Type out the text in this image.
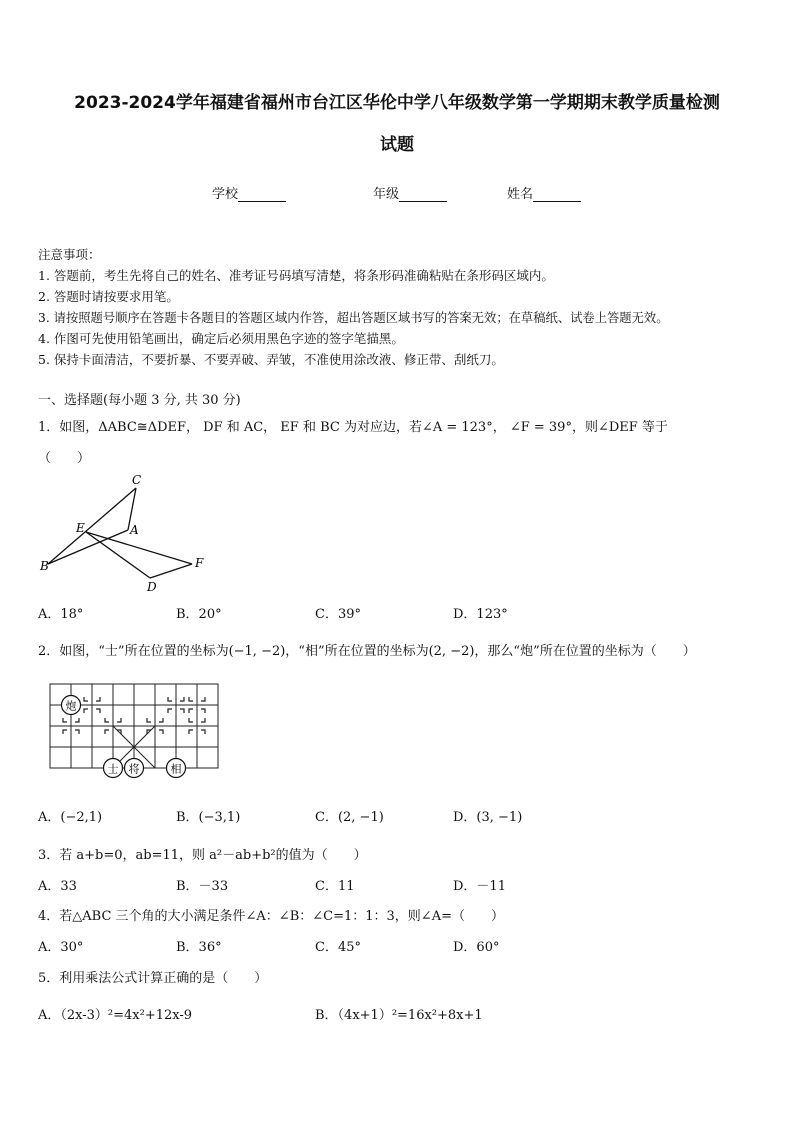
2023-2024学年福建省福州市台江区华伦中学八年级数学第一学期期末教学质量检测
试题
学校	年级	姓名
注意事项：
1. 答题前，考生先将自己的姓名、准考证号码填写清楚，将条形码准确粘贴在条形码区域内。
2. 答题时请按要求用笔。
3. 请按照题号顺序在答题卡各题目的答题区域内作答，超出答题区域书写的答案无效；在草稿纸、试卷上答题无效。
4. 作图可先使用铅笔画出，确定后必须用黑色字迹的签字笔描黑。
5. 保持卡面清洁，不要折暴、不要弄破、弄皱，不准使用涂改液、修正带、刮纸刀。
一、选择题(每小题 3 分, 共 30 分)
1．如图，ΔABC≅ΔDEF， DF 和 AC， EF 和 BC 为对应边，若∠A = 123°， ∠F = 39°，则∠DEF 等于
（　　）
C
E	A
B	F
D
A．18°	B．20°	C．39°	D．123°
2．如图，“士”所在位置的坐标为(−1, −2)，“相”所在位置的坐标为(2, −2)，那么“炮”所在位置的坐标为（　　）
炮
士 将	相
A．(−2,1)	B．(−3,1)	C．(2, −1)	D．(3, −1)
3．若 a+b=0，ab=11，则 a²－ab+b²的值为（　　）
A．33	B．－33	C．11	D．－11
4．若△ABC 三个角的大小满足条件∠A：∠B：∠C=1：1：3，则∠A=（　　）
A．30°	B．36°	C．45°	D．60°
5．利用乘法公式计算正确的是（　　）
A．（2x-3）²=4x²+12x-9	B．（4x+1）²=16x²+8x+1
